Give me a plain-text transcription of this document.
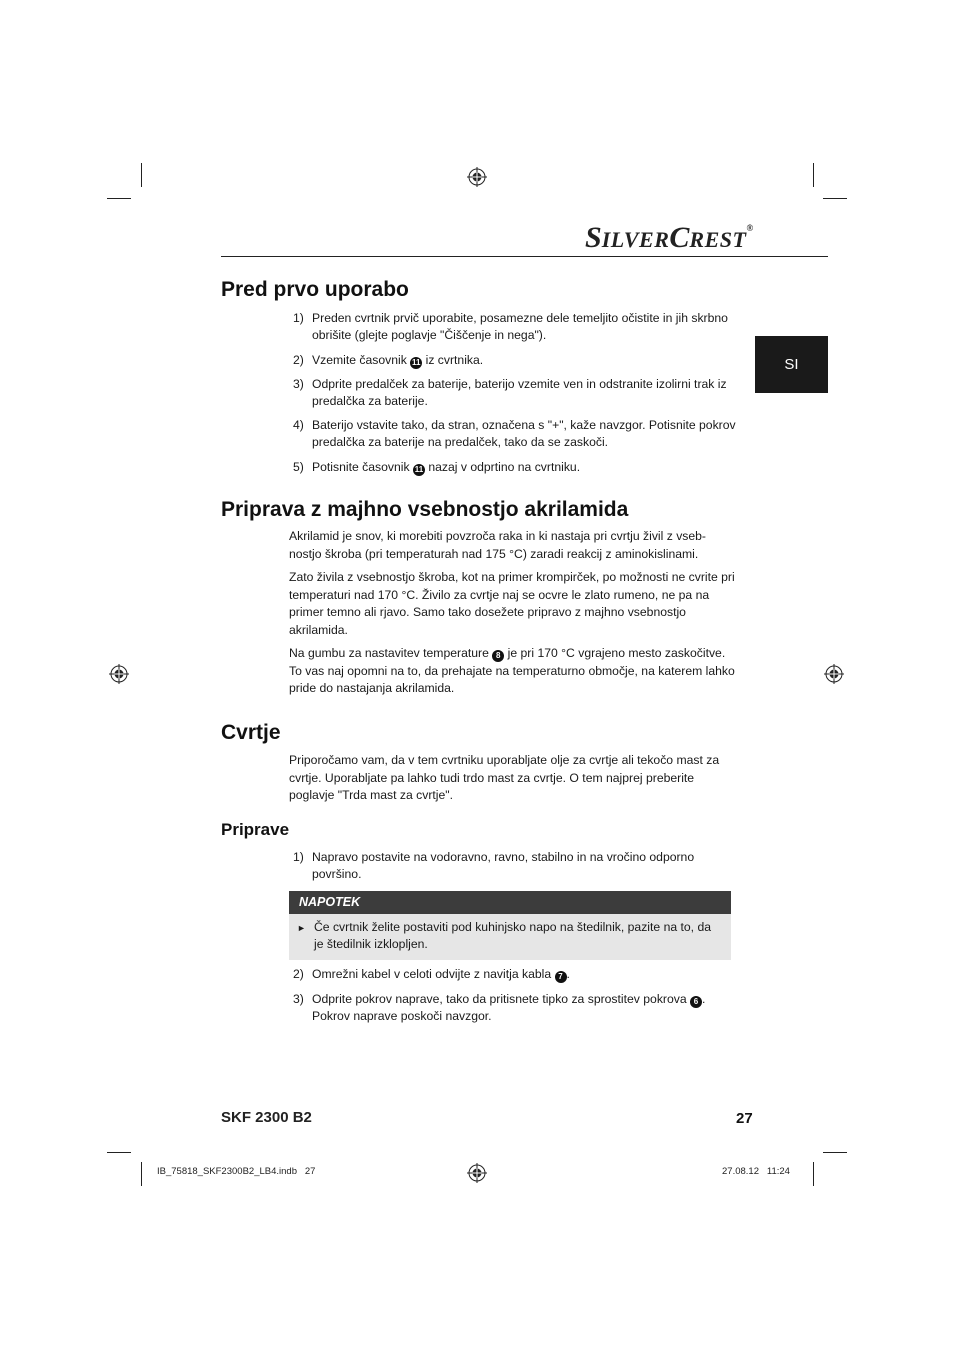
SILVERCREST®
SI
Pred prvo uporabo
1) Preden cvrtnik prvič uporabite, posamezne dele temeljito očistite in jih skrbno obrišite (glejte poglavje "Čiščenje in nega").
2) Vzemite časovnik 11 iz cvrtnika.
3) Odprite predalček za baterije, baterijo vzemite ven in odstranite izolirni trak iz predalčka za baterije.
4) Baterijo vstavite tako, da stran, označena s "+", kaže navzgor. Potisnite pokrov predalčka za baterije na predalček, tako da se zaskoči.
5) Potisnite časovnik 11 nazaj v odprtino na cvrtniku.
Priprava z majhno vsebnostjo akrilamida

Akrilamid je snov, ki morebiti povzroča raka in ki nastaja pri cvrtju živil z vseb-nostjo škroba (pri temperaturah nad 175 °C) zaradi reakcij z aminokislinami.

Zato živila z vsebnostjo škroba, kot na primer krompirček, po možnosti ne cvrite pri temperaturi nad 170 °C. Živilo za cvrtje naj se ocvre le zlato rumeno, ne pa na primer temno ali rjavo. Samo tako dosežete pripravo z majhno vsebnostjo akrilamida.

Na gumbu za nastavitev temperature 8 je pri 170 °C vgrajeno mesto zaskočitve. To vas naj opomni na to, da prehajate na temperaturno območje, na katerem lahko pride do nastajanja akrilamida.

Cvrtje

Priporočamo vam, da v tem cvrtniku uporabljate olje za cvrtje ali tekočo mast za cvrtje. Uporabljate pa lahko tudi trdo mast za cvrtje. O tem najprej preberite poglavje "Trda mast za cvrtje".

Priprave
1) Napravo postavite na vodoravno, ravno, stabilno in na vročino odporno površino.
NAPOTEK
► Če cvrtnik želite postaviti pod kuhinjsko napo na štedilnik, pazite na to, da je štedilnik izklopljen.
2) Omrežni kabel v celoti odvijte z navitja kabla 7 .
3) Odprite pokrov naprave, tako da pritisnete tipko za sprostitev pokrova 6 . Pokrov naprave poskoči navzgor.
SKF 2300 B2	27
IB_75818_SKF2300B2_LB4.indb   27	27.08.12   11:24
